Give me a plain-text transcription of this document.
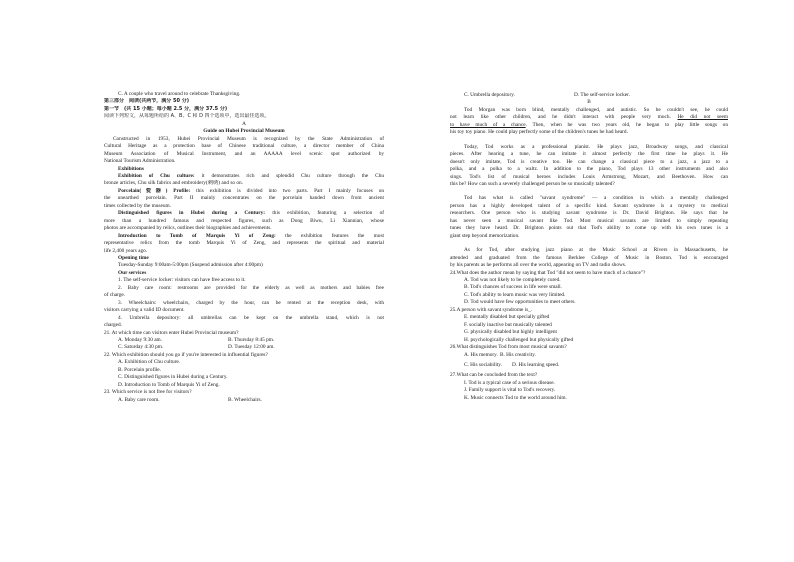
C. A couple who travel around to celebrate Thanksgiving.
第三部分　阅读(共两节，满分 50 分)
第一节　(共 15 小题；每小题 2.5 分，满分 37.5 分)
阅读下列短文，从每题所给的 A、B、C 和 D 四个选项中，选出最佳选项。
A
Guide on Hubei Provincial Museum
Constructed in 1953, Hubei Provincial Museum is recognized by the State Administration of
Cultural Heritage as a protection base of Chinese traditional culture, a director member of China
Museum Association of Musical Instrument, and an AAAAA level scenic spot authorized by
National Tourism Administration.
Exhibitions
Exhibition of Chu culture: it demonstrates rich and splendid Chu culture through the Chu
bronze articles, Chu silk fabrics and embroidery(刺绣) and so on.
Porcelain(瓷器) Profile: this exhibition is divided into two parts. Part I mainly focuses on
the unearthed porcelain. Part II mainly concentrates on the porcelain handed down from ancient
times collected by the museum.
Distinguished figures in Hubei during a Century: this exhibition, featuring a selection of
more than a hundred famous and respected figures, such as Dong Biwu, Li Xiannian, whose
photos are accompanied by relics, outlines their biographies and achievements.
Introduction to Tomb of Marquis Yi of Zeng: the exhibition features the most
representative relics from the tomb Marquis Yi of Zeng, and represents the spiritual and material
life 2,400 years ago.
Opening time
Tuesday-Sunday 9:00am-5:00pm (Suspend admission after 4:00pm)
Our services
1. The self-service locker: visitors can have free access to it.
2. Baby care room: restrooms are provided for the elderly as well as mothers and babies free
of charge.
3. Wheelchairs: wheelchairs, charged by the hour, can be rented at the reception desk, with
visitors carrying a valid ID document.
4. Umbrella depository: all umbrellas can be kept on the umbrella stand, which is not
charged.
21. At which time can visitors enter Hubei Provincial museum?
A. Monday 9:30 am.	B. Thursday 8:45 pm.
C. Saturday 4:30 pm.	D. Tuesday 12:00 am.
22. Which exhibition should you go if you're interested in influential figures?
A. Exhibition of Chu culture.
B. Porcelain profile.
C. Distinguished figures in Hubei during a Century.
D. Introduction to Tomb of Marquis Yi of Zeng.
23. Which service is not free for visitors?
A. Baby care room.	B. Wheelchairs.
C. Umbrella depository.	D. The self-service locker.
B
Tod Morgan was born blind, mentally challenged, and autistic. So he couldn't see, he could
not learn like other children, and he didn't interact with people very much. He did not seem
to have much of a chance. Then, when he was two years old, he began to play little songs on
his toy toy piano. He could play perfectly some of the children's tunes he had heard.
Today, Tod works as a professional pianist. He plays jazz, Broadway songs, and classical
pieces. After hearing a tune, he can imitate it almost perfectly the first time he plays it. He
doesn't only imitate, Tod is creative too. He can change a classical piece to a jazz, a jazz to a
polka, and a polka to a waltz. In addition to the piano, Tod plays 13 other instruments and also
sings. Tod's list of musical heroes includes Louis Armstrong, Mozart, and Beethoven. How can
this be? How can such a severely challenged person be so musically talented?
Tod has what is called "savant syndrome" — a condition in which a mentally challenged
person has a highly developed talent of a specific kind. Savant syndrome is a mystery to medical
researchers. One person who is studying savant syndrome is Dr. David Brighton. He says that he
has never seen a musical savant like Tod. Most musical savants are limited to simply repeating
tunes they have heard. Dr. Brighton points out that Tod's ability to come up with his own tunes is a
giant step beyond memorization.
As for Tod, after studying jazz piano at the Music School at Rivers in Massachusetts, he
attended and graduated from the famous Berklee College of Music in Boston. Tod is encouraged
by his parents as he performs all over the world, appearing on TV and radio shows.
24.What does the author mean by saying that Tod "did not seem to have much of a chance"?
A. Tod was not likely to be completely cured.
B. Tod's chances of success in life were small.
C. Tod's ability to learn music was very limited.
D. Tod would have few opportunities to meet others.
25.A person with savant syndrome is_.
E. mentally disabled but specially gifted
F. socially inactive but musically talented
G. physically disabled but highly intelligent
H. psychologically challenged but physically gifted
26.What distinguishes Tod from most musical savants?
A. His memory. B. His creativity.
C. His sociability.	D. His learning speed.
27.What can be concluded from the text?
I. Tod is a typical case of a serious disease.
J. Family support is vital to Tod's recovery.
K. Music connects Tod to the world around him.
